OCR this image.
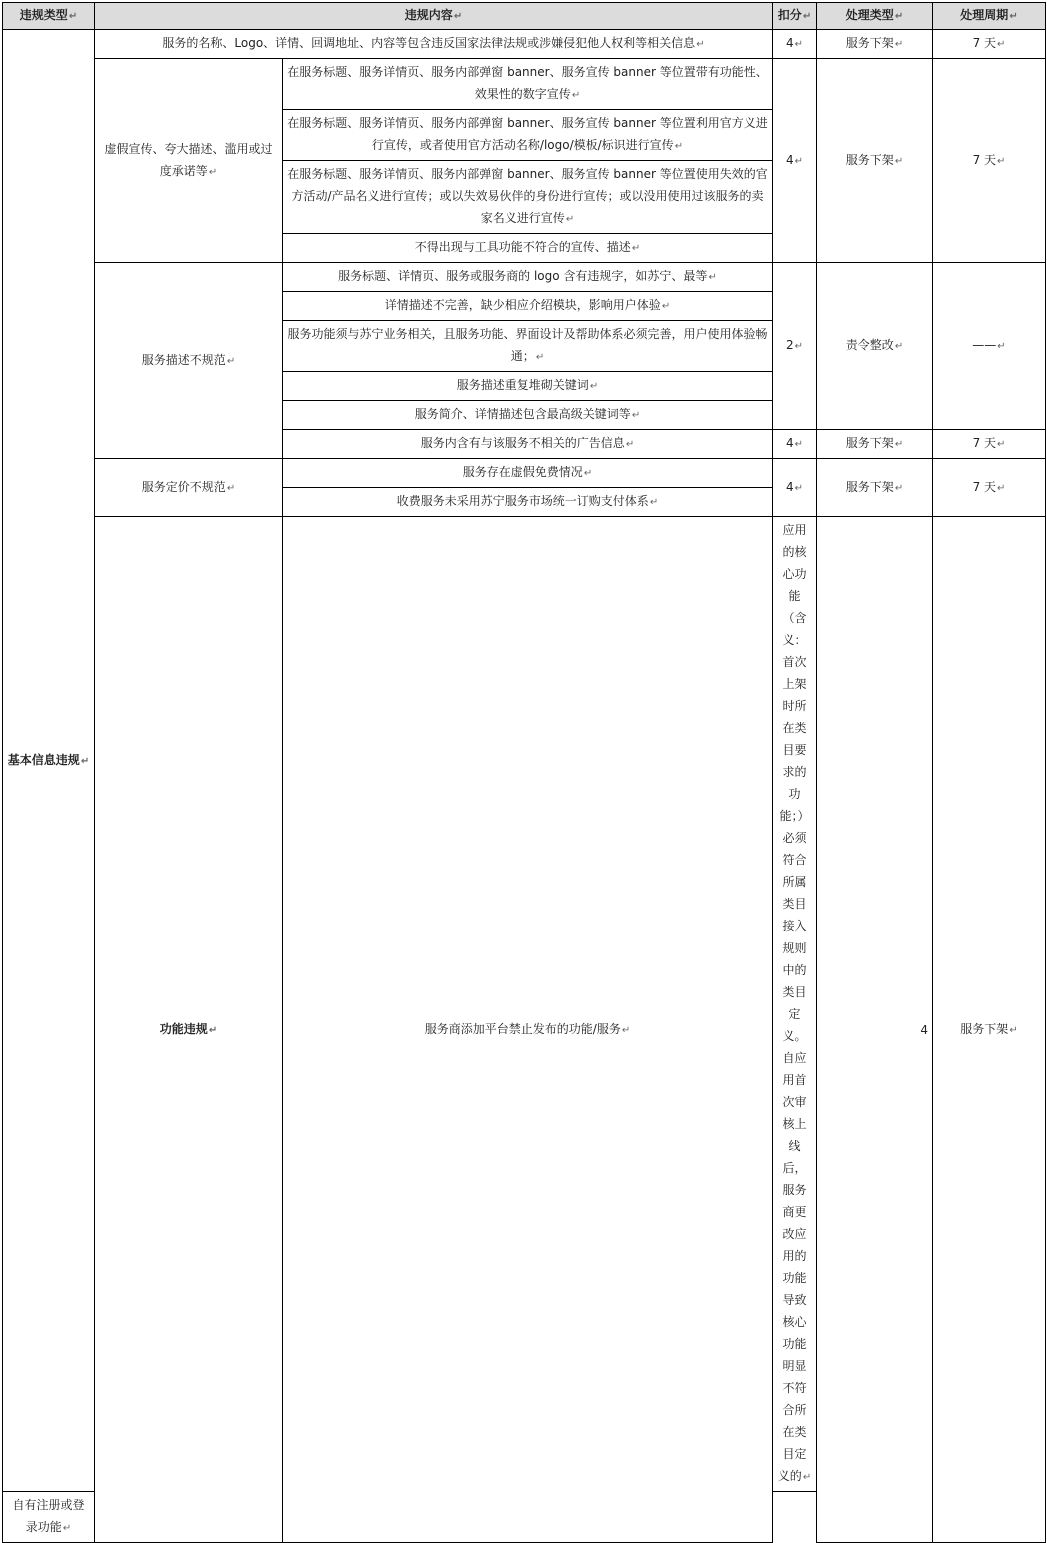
违规类型↵	违规内容↵		扣分↵	处理类型↵	处理周期↵	
基本信息违规↵	服务的名称、Logo、详情、回调地址、内容等包含违反国家法律法规或涉嫌侵犯他人权利等相关信息↵		4↵	服务下架↵	7 天↵	
	虚假宣传、夸大描述、滥用或过度承诺等↵	在服务标题、服务详情页、服务内部弹窗 banner、服务宣传 banner 等位置带有功能性、效果性的数字宣传↵	4↵	服务下架↵	7 天↵	
		在服务标题、服务详情页、服务内部弹窗 banner、服务宣传 banner 等位置利用官方义进行宣传，或者使用官方活动名称/logo/模板/标识进行宣传↵				
		在服务标题、服务详情页、服务内部弹窗 banner、服务宣传 banner 等位置使用失效的官方活动/产品名义进行宣传；或以失效易伙伴的身份进行宣传；或以没用使用过该服务的卖家名义进行宣传↵				
		不得出现与工具功能不符合的宣传、描述↵				
	服务描述不规范↵	服务标题、详情页、服务或服务商的 logo 含有违规字，如苏宁、最等↵	2↵	责令整改↵	——↵	
		详情描述不完善，缺少相应介绍模块，影响用户体验↵				
		服务功能须与苏宁业务相关，且服务功能、界面设计及帮助体系必须完善，用户使用体验畅通；↵				
		服务描述重复堆砌关键词↵				
		服务简介、详情描述包含最高级关键词等↵				
		服务内含有与该服务不相关的广告信息↵	4↵	服务下架↵	7 天↵	
	服务定价不规范↵	服务存在虚假免费情况↵	4↵	服务下架↵	7 天↵	
		收费服务未采用苏宁服务市场统一订购支付体系↵				
	功能违规↵	服务商添加平台禁止发布的功能/服务↵	应用的核心功能（含义：首次上架时所在类目要求的功能；）必须符合所属类目接入规则中的类目定义。自应用首次审核上线后，服务商更改应用的功能导致核心功能明显不符合所在类目定义的↵	4	服务下架↵	
自有注册或登录功能↵						
